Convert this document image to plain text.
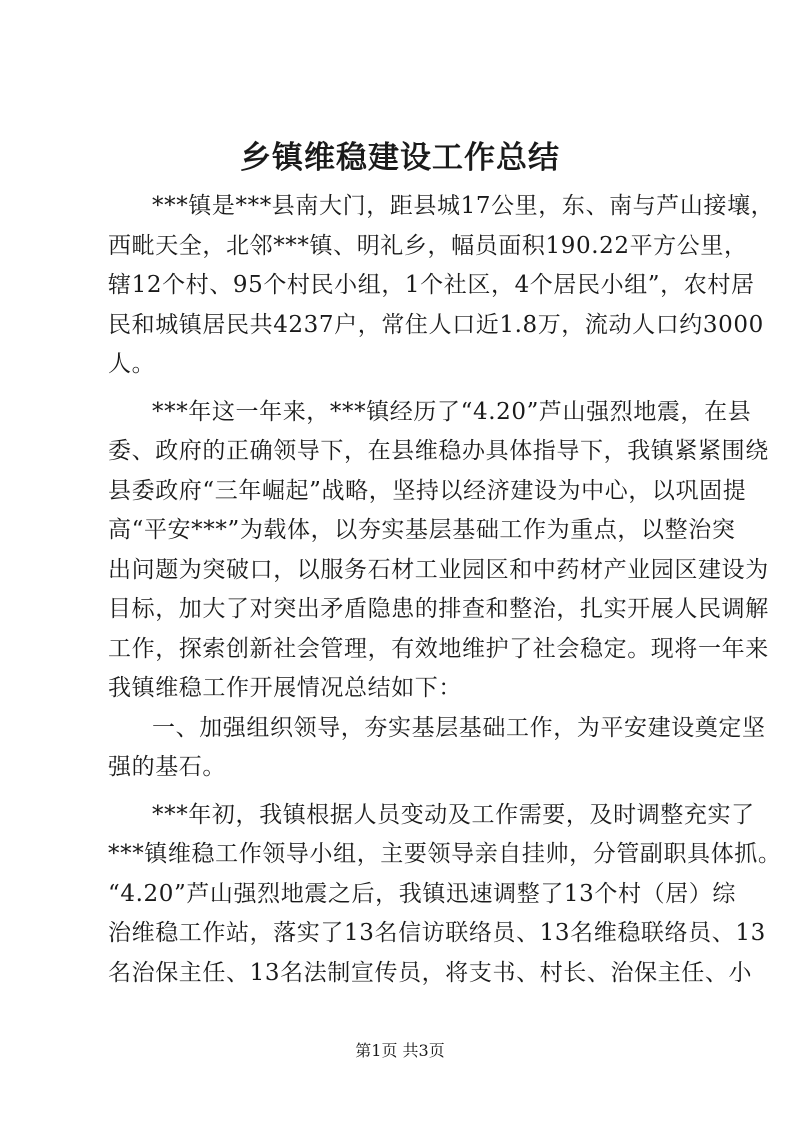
乡镇维稳建设工作总结
***镇是***县南大门，距县城17公里，东、南与芦山接壤，
西毗天全，北邻***镇、明礼乡，幅员面积190.22平方公里，
辖12个村、95个村民小组，1个社区，4个居民小组”，农村居
民和城镇居民共4237户，常住人口近1.8万，流动人口约3000
人。
***年这一年来，***镇经历了“4.20”芦山强烈地震，在县
委、政府的正确领导下，在县维稳办具体指导下，我镇紧紧围绕
县委政府“三年崛起”战略，坚持以经济建设为中心，以巩固提
高“平安***”为载体，以夯实基层基础工作为重点，以整治突
出问题为突破口，以服务石材工业园区和中药材产业园区建设为
目标，加大了对突出矛盾隐患的排查和整治，扎实开展人民调解
工作，探索创新社会管理，有效地维护了社会稳定。现将一年来
我镇维稳工作开展情况总结如下：
一、加强组织领导，夯实基层基础工作，为平安建设奠定坚
强的基石。
***年初，我镇根据人员变动及工作需要，及时调整充实了
***镇维稳工作领导小组，主要领导亲自挂帅，分管副职具体抓。
“4.20”芦山强烈地震之后，我镇迅速调整了13个村（居）综
治维稳工作站，落实了13名信访联络员、13名维稳联络员、13
名治保主任、13名法制宣传员，将支书、村长、治保主任、小
第1页 共3页
